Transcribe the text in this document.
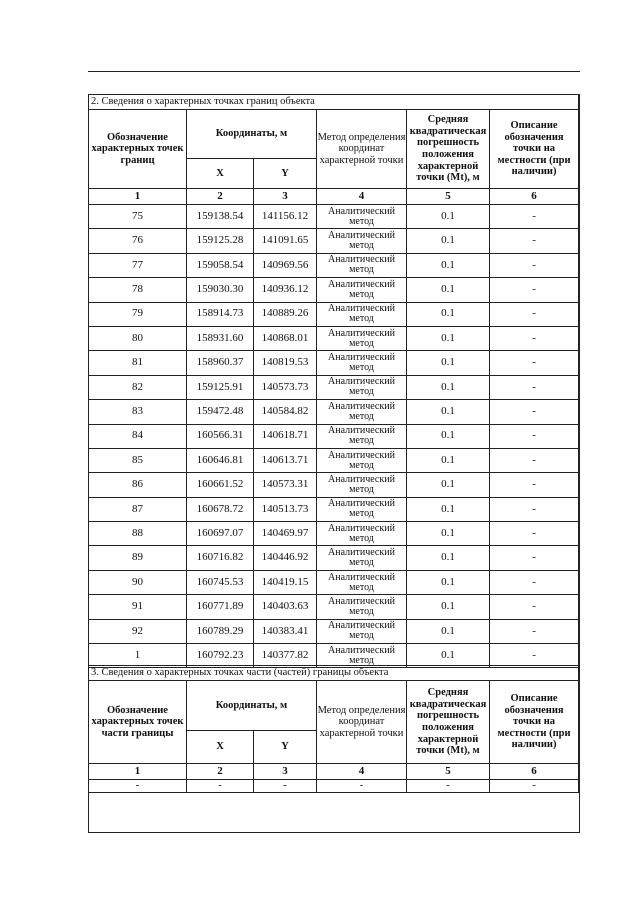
2. Сведения о характерных точках границ объекта					
Обозначение характерных точек границ	Координаты, м		Метод определения координат характерной точки	Средняя квадратическая погрешность положения характерной точки (Mt), м	Описание обозначения точки на местности (при наличии)
	X	Y			
1	2	3	4	5	6
75	159138.54	141156.12	Аналитический метод	0.1	-
76	159125.28	141091.65	Аналитический метод	0.1	-
77	159058.54	140969.56	Аналитический метод	0.1	-
78	159030.30	140936.12	Аналитический метод	0.1	-
79	158914.73	140889.26	Аналитический метод	0.1	-
80	158931.60	140868.01	Аналитический метод	0.1	-
81	158960.37	140819.53	Аналитический метод	0.1	-
82	159125.91	140573.73	Аналитический метод	0.1	-
83	159472.48	140584.82	Аналитический метод	0.1	-
84	160566.31	140618.71	Аналитический метод	0.1	-
85	160646.81	140613.71	Аналитический метод	0.1	-
86	160661.52	140573.31	Аналитический метод	0.1	-
87	160678.72	140513.73	Аналитический метод	0.1	-
88	160697.07	140469.97	Аналитический метод	0.1	-
89	160716.82	140446.92	Аналитический метод	0.1	-
90	160745.53	140419.15	Аналитический метод	0.1	-
91	160771.89	140403.63	Аналитический метод	0.1	-
92	160789.29	140383.41	Аналитический метод	0.1	-
1	160792.23	140377.82	Аналитический метод	0.1	-
3. Сведения о характерных точках части (частей) границы объекта					
Обозначение характерных точек части границы	Координаты, м		Метод определения координат характерной точки	Средняя квадратическая погрешность положения характерной точки (Mt), м	Описание обозначения точки на местности (при наличии)
	X	Y			
1	2	3	4	5	6
-	-	-	-	-	-
